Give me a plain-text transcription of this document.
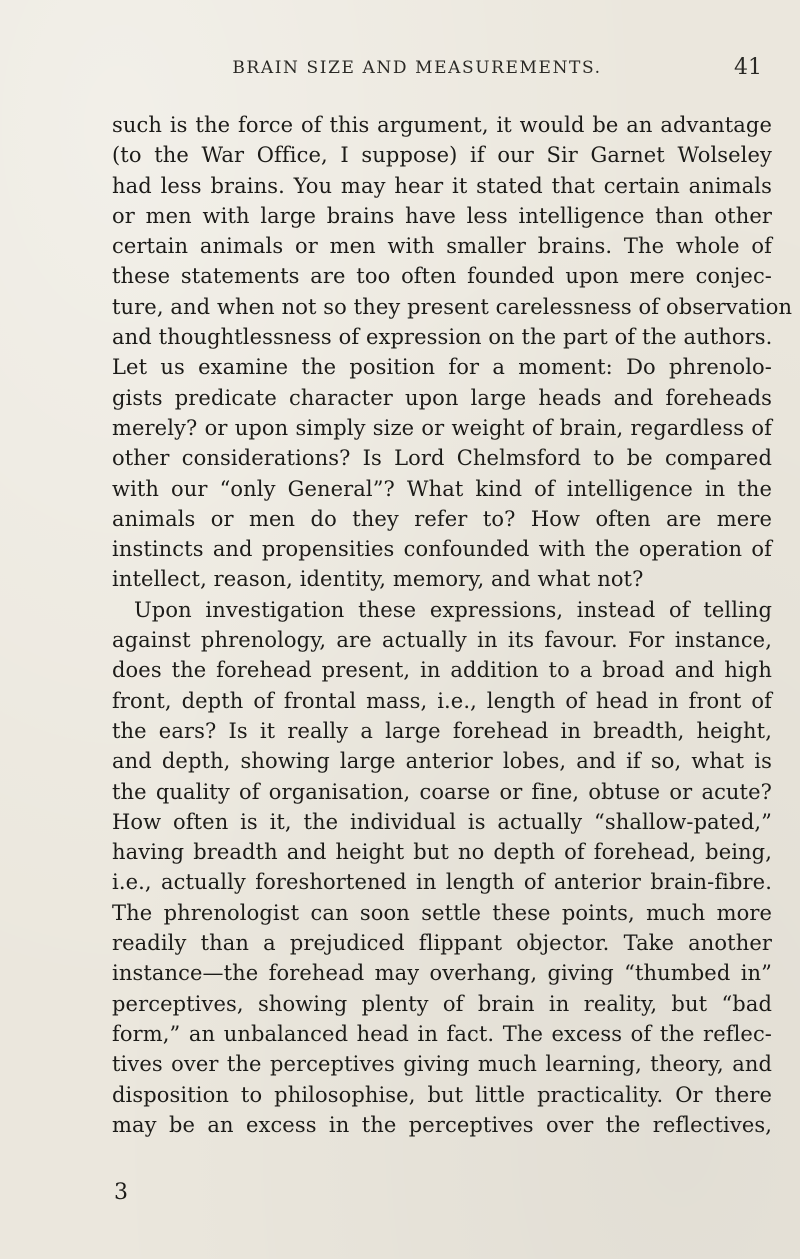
BRAIN SIZE AND MEASUREMENTS.	41
such is the force of this argument, it would be an advantage
(to the War Office, I suppose) if our Sir Garnet Wolseley
had less brains. You may hear it stated that certain animals
or men with large brains have less intelligence than other
certain animals or men with smaller brains. The whole of
these statements are too often founded upon mere conjec-
ture, and when not so they present carelessness of observation
and thoughtlessness of expression on the part of the authors.
Let us examine the position for a moment: Do phrenolo-
gists predicate character upon large heads and foreheads
merely? or upon simply size or weight of brain, regardless of
other considerations? Is Lord Chelmsford to be compared
with our “only General”? What kind of intelligence in the
animals or men do they refer to? How often are mere
instincts and propensities confounded with the operation of
intellect, reason, identity, memory, and what not?
Upon investigation these expressions, instead of telling
against phrenology, are actually in its favour. For instance,
does the forehead present, in addition to a broad and high
front, depth of frontal mass, i.e., length of head in front of
the ears? Is it really a large forehead in breadth, height,
and depth, showing large anterior lobes, and if so, what is
the quality of organisation, coarse or fine, obtuse or acute?
How often is it, the individual is actually “shallow-pated,”
having breadth and height but no depth of forehead, being,
i.e., actually foreshortened in length of anterior brain-fibre.
The phrenologist can soon settle these points, much more
readily than a prejudiced flippant objector. Take another
instance—the forehead may overhang, giving “thumbed in”
perceptives, showing plenty of brain in reality, but “bad
form,” an unbalanced head in fact. The excess of the reflec-
tives over the perceptives giving much learning, theory, and
disposition to philosophise, but little practicality. Or there
may be an excess in the perceptives over the reflectives,
3
